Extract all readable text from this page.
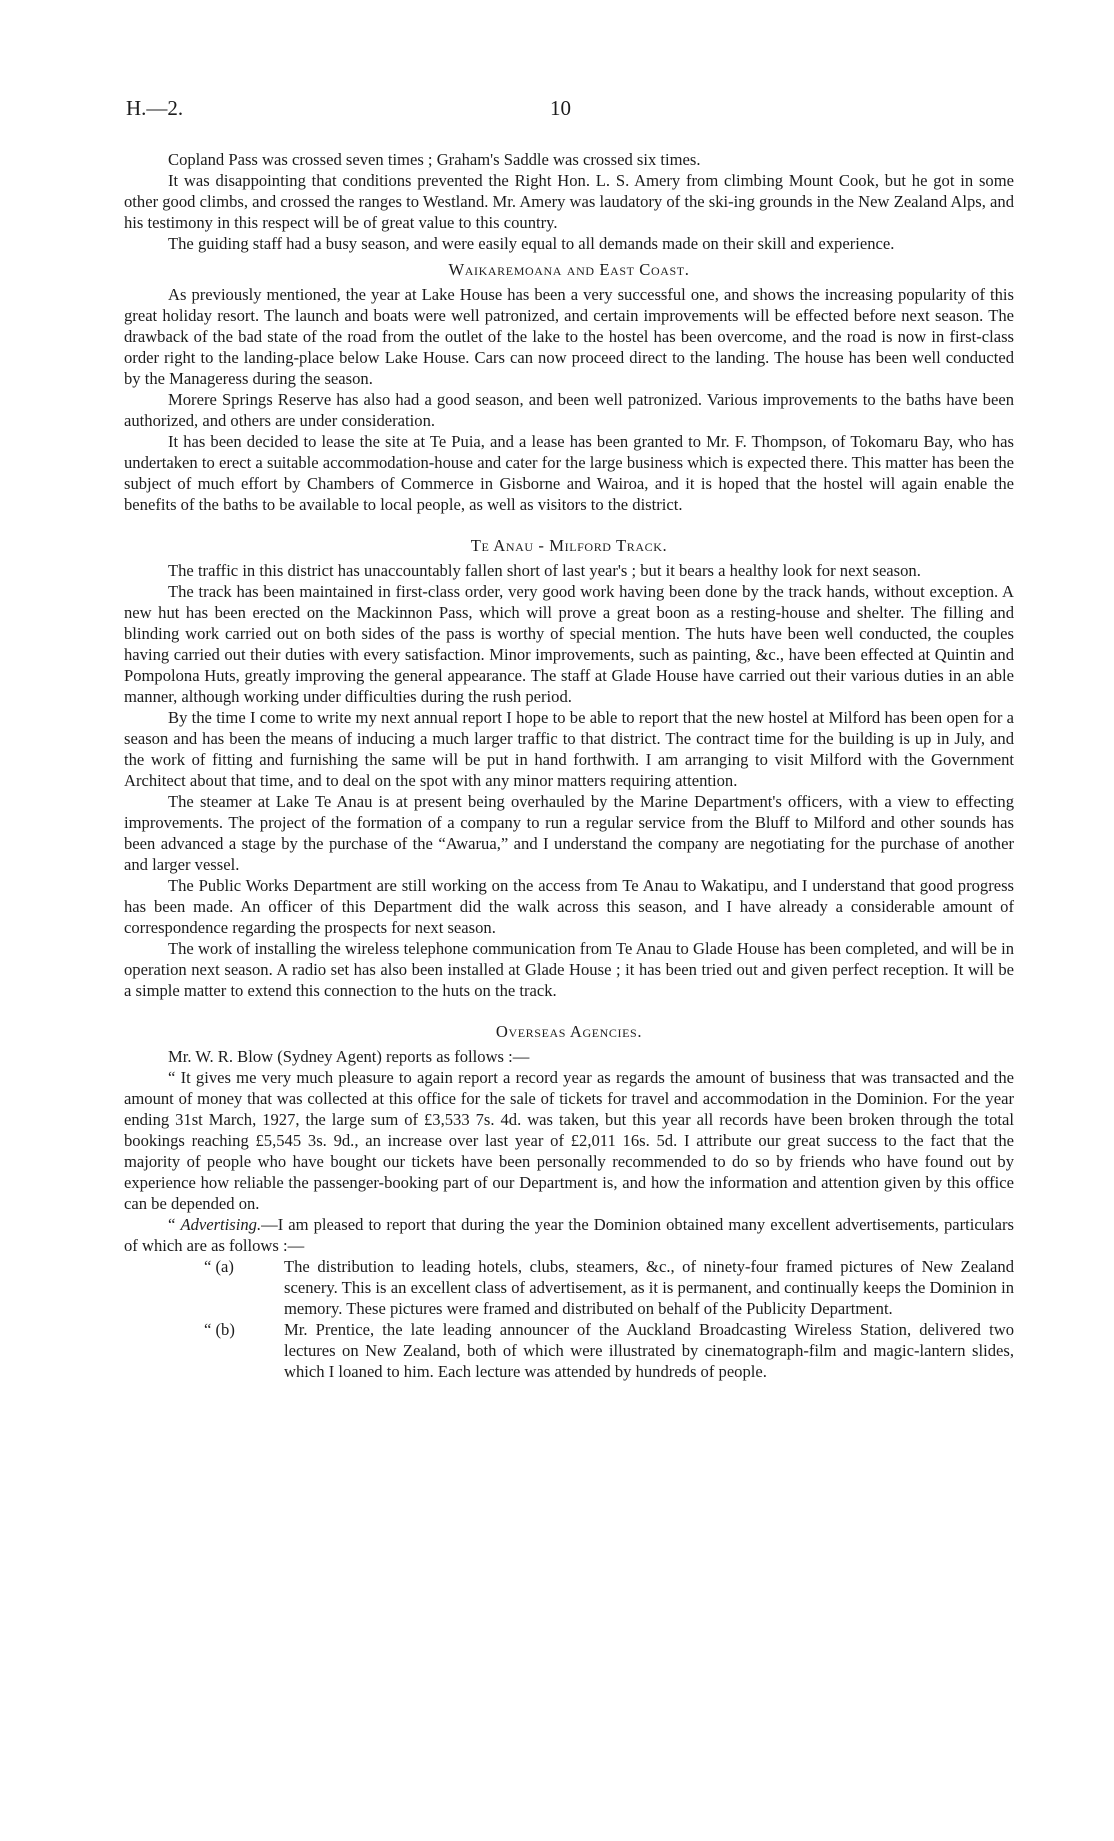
H.—2.	10

Copland Pass was crossed seven times ; Graham's Saddle was crossed six times.

It was disappointing that conditions prevented the Right Hon. L. S. Amery from climbing Mount Cook, but he got in some other good climbs, and crossed the ranges to Westland. Mr. Amery was laudatory of the ski-ing grounds in the New Zealand Alps, and his testimony in this respect will be of great value to this country.

The guiding staff had a busy season, and were easily equal to all demands made on their skill and experience.

Waikaremoana and East Coast.

As previously mentioned, the year at Lake House has been a very successful one, and shows the increasing popularity of this great holiday resort. The launch and boats were well patronized, and certain improvements will be effected before next season. The drawback of the bad state of the road from the outlet of the lake to the hostel has been overcome, and the road is now in first-class order right to the landing-place below Lake House. Cars can now proceed direct to the landing. The house has been well conducted by the Manageress during the season.

Morere Springs Reserve has also had a good season, and been well patronized. Various improvements to the baths have been authorized, and others are under consideration.

It has been decided to lease the site at Te Puia, and a lease has been granted to Mr. F. Thompson, of Tokomaru Bay, who has undertaken to erect a suitable accommodation-house and cater for the large business which is expected there. This matter has been the subject of much effort by Chambers of Commerce in Gisborne and Wairoa, and it is hoped that the hostel will again enable the benefits of the baths to be available to local people, as well as visitors to the district.

Te Anau - Milford Track.

The traffic in this district has unaccountably fallen short of last year's ; but it bears a healthy look for next season.

The track has been maintained in first-class order, very good work having been done by the track hands, without exception. A new hut has been erected on the Mackinnon Pass, which will prove a great boon as a resting-house and shelter. The filling and blinding work carried out on both sides of the pass is worthy of special mention. The huts have been well conducted, the couples having carried out their duties with every satisfaction. Minor improvements, such as painting, &c., have been effected at Quintin and Pompolona Huts, greatly improving the general appearance. The staff at Glade House have carried out their various duties in an able manner, although working under difficulties during the rush period.

By the time I come to write my next annual report I hope to be able to report that the new hostel at Milford has been open for a season and has been the means of inducing a much larger traffic to that district. The contract time for the building is up in July, and the work of fitting and furnishing the same will be put in hand forthwith. I am arranging to visit Milford with the Government Architect about that time, and to deal on the spot with any minor matters requiring attention.

The steamer at Lake Te Anau is at present being overhauled by the Marine Department's officers, with a view to effecting improvements. The project of the formation of a company to run a regular service from the Bluff to Milford and other sounds has been advanced a stage by the purchase of the “Awarua,” and I understand the company are negotiating for the purchase of another and larger vessel.

The Public Works Department are still working on the access from Te Anau to Wakatipu, and I understand that good progress has been made. An officer of this Department did the walk across this season, and I have already a considerable amount of correspondence regarding the prospects for next season.

The work of installing the wireless telephone communication from Te Anau to Glade House has been completed, and will be in operation next season. A radio set has also been installed at Glade House ; it has been tried out and given perfect reception. It will be a simple matter to extend this connection to the huts on the track.

Overseas Agencies.

Mr. W. R. Blow (Sydney Agent) reports as follows :—

“ It gives me very much pleasure to again report a record year as regards the amount of business that was transacted and the amount of money that was collected at this office for the sale of tickets for travel and accommodation in the Dominion. For the year ending 31st March, 1927, the large sum of £3,533 7s. 4d. was taken, but this year all records have been broken through the total bookings reaching £5,545 3s. 9d., an increase over last year of £2,011 16s. 5d. I attribute our great success to the fact that the majority of people who have bought our tickets have been personally recommended to do so by friends who have found out by experience how reliable the passenger-booking part of our Department is, and how the information and attention given by this office can be depended on.

“ Advertising.—I am pleased to report that during the year the Dominion obtained many excellent advertisements, particulars of which are as follows :—

“ (a)	The distribution to leading hotels, clubs, steamers, &c., of ninety-four framed pictures of New Zealand scenery. This is an excellent class of advertisement, as it is permanent, and continually keeps the Dominion in memory. These pictures were framed and distributed on behalf of the Publicity Department.

“ (b)	Mr. Prentice, the late leading announcer of the Auckland Broadcasting Wireless Station, delivered two lectures on New Zealand, both of which were illustrated by cinematograph-film and magic-lantern slides, which I loaned to him. Each lecture was attended by hundreds of people.
